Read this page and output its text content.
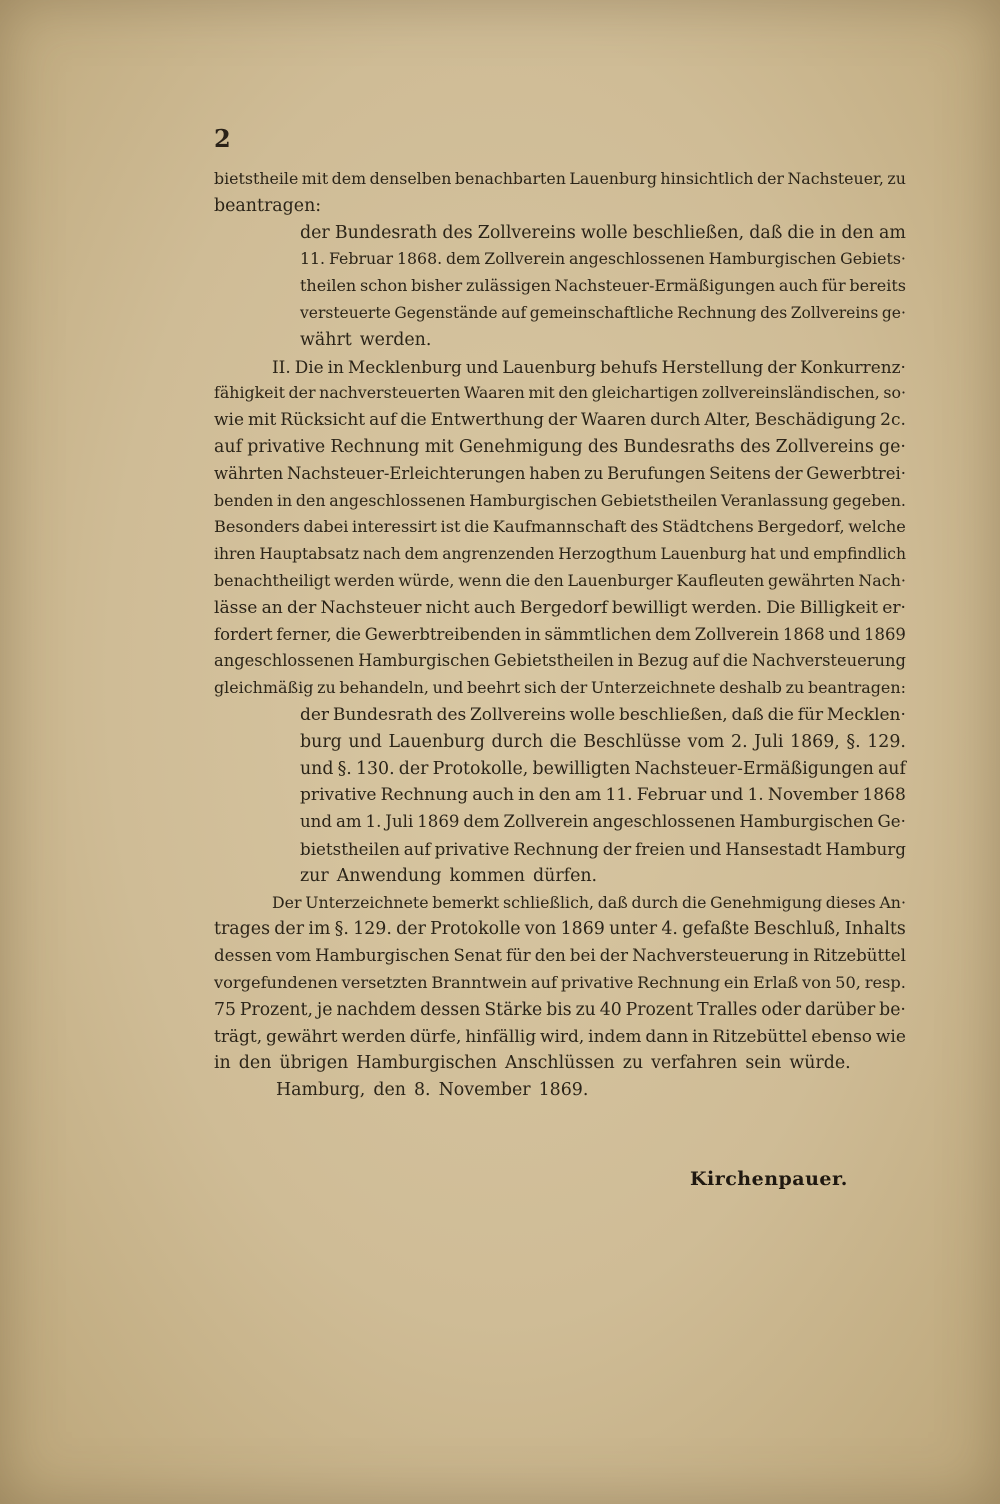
2
bietstheile mit dem denselben benachbarten Lauenburg hinsichtlich der Nachsteuer, zu
beantragen:
der Bundesrath des Zollvereins wolle beschließen, daß die in den am
11. Februar 1868. dem Zollverein angeschlossenen Hamburgischen Gebiets·
theilen schon bisher zulässigen Nachsteuer-Ermäßigungen auch für bereits
versteuerte Gegenstände auf gemeinschaftliche Rechnung des Zollvereins ge·
währt werden.
II. Die in Mecklenburg und Lauenburg behufs Herstellung der Konkurrenz·
fähigkeit der nachversteuerten Waaren mit den gleichartigen zollvereinsländischen, so·
wie mit Rücksicht auf die Entwerthung der Waaren durch Alter, Beschädigung 2c.
auf privative Rechnung mit Genehmigung des Bundesraths des Zollvereins ge·
währten Nachsteuer-Erleichterungen haben zu Berufungen Seitens der Gewerbtrei·
benden in den angeschlossenen Hamburgischen Gebietstheilen Veranlassung gegeben.
Besonders dabei interessirt ist die Kaufmannschaft des Städtchens Bergedorf, welche
ihren Hauptabsatz nach dem angrenzenden Herzogthum Lauenburg hat und empfindlich
benachtheiligt werden würde, wenn die den Lauenburger Kaufleuten gewährten Nach·
lässe an der Nachsteuer nicht auch Bergedorf bewilligt werden. Die Billigkeit er·
fordert ferner, die Gewerbtreibenden in sämmtlichen dem Zollverein 1868 und 1869
angeschlossenen Hamburgischen Gebietstheilen in Bezug auf die Nachversteuerung
gleichmäßig zu behandeln, und beehrt sich der Unterzeichnete deshalb zu beantragen:
der Bundesrath des Zollvereins wolle beschließen, daß die für Mecklen·
burg und Lauenburg durch die Beschlüsse vom 2. Juli 1869, §. 129.
und §. 130. der Protokolle, bewilligten Nachsteuer-Ermäßigungen auf
privative Rechnung auch in den am 11. Februar und 1. November 1868
und am 1. Juli 1869 dem Zollverein angeschlossenen Hamburgischen Ge·
bietstheilen auf privative Rechnung der freien und Hansestadt Hamburg
zur Anwendung kommen dürfen.
Der Unterzeichnete bemerkt schließlich, daß durch die Genehmigung dieses An·
trages der im §. 129. der Protokolle von 1869 unter 4. gefaßte Beschluß, Inhalts
dessen vom Hamburgischen Senat für den bei der Nachversteuerung in Ritzebüttel
vorgefundenen versetzten Branntwein auf privative Rechnung ein Erlaß von 50, resp.
75 Prozent, je nachdem dessen Stärke bis zu 40 Prozent Tralles oder darüber be·
trägt, gewährt werden dürfe, hinfällig wird, indem dann in Ritzebüttel ebenso wie
in den übrigen Hamburgischen Anschlüssen zu verfahren sein würde.
Hamburg, den 8. November 1869.
Kirchenpauer.
